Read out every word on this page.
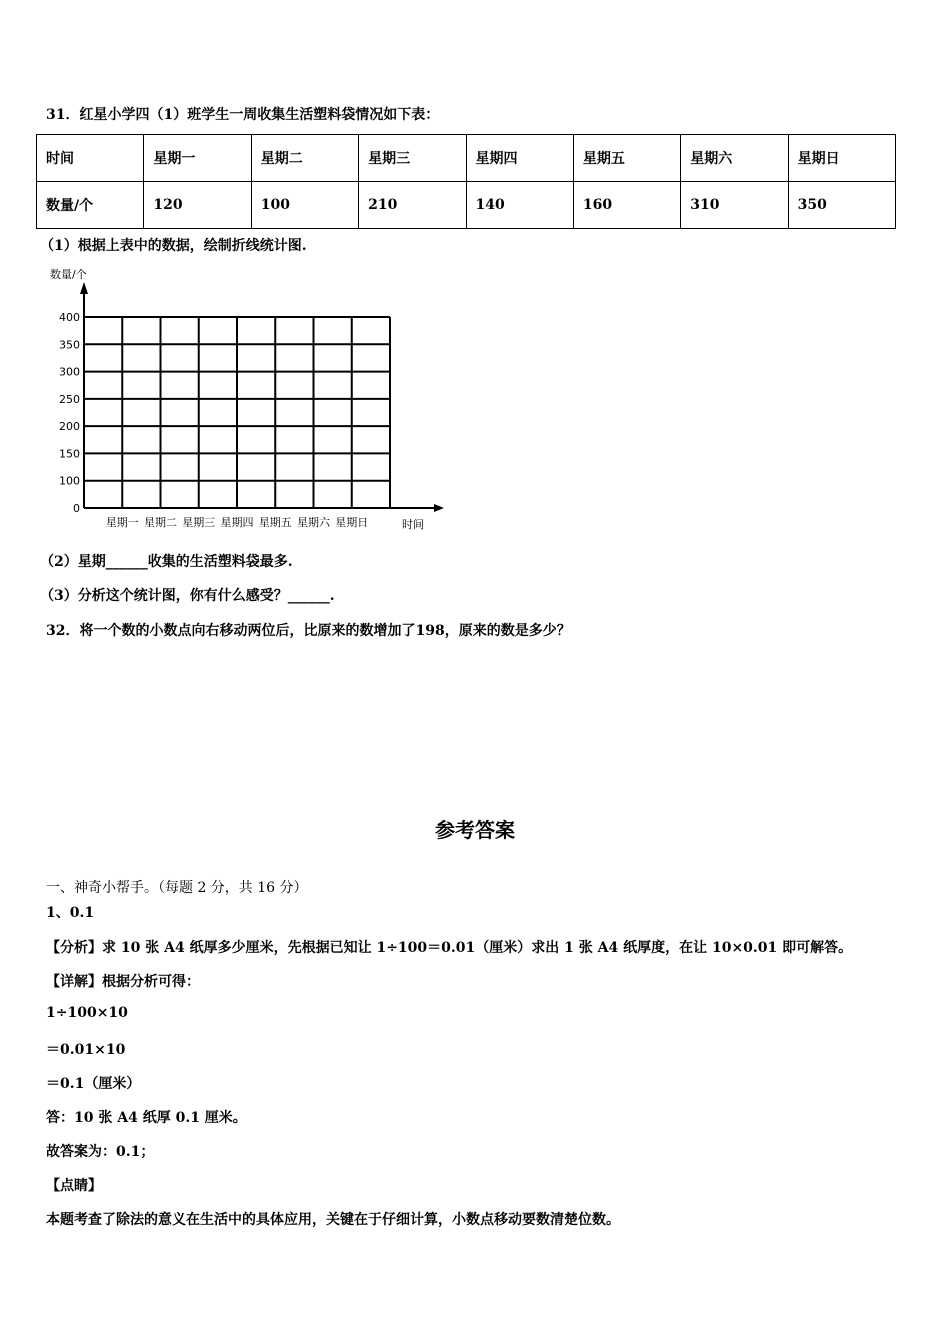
31．红星小学四（1）班学生一周收集生活塑料袋情况如下表：
时间	星期一	星期二	星期三	星期四	星期五	星期六	星期日
数量/个	120	100	210	140	160	310	350
（1）根据上表中的数据，绘制折线统计图.
数量/个
时间
0
100
150
200
250
300
350
400
星期一 星期二 星期三 星期四 星期五 星期六 星期日
（2）星期______收集的生活塑料袋最多.
（3）分析这个统计图，你有什么感受？______.
32．将一个数的小数点向右移动两位后，比原来的数增加了198，原来的数是多少？
参考答案
一、神奇小帮手。（每题 2 分，共 16 分）
1、0.1
【分析】求 10 张 A4 纸厚多少厘米，先根据已知让 1÷100＝0.01（厘米）求出 1 张 A4 纸厚度，在让 10×0.01 即可解答。
【详解】根据分析可得：
1÷100×10
＝0.01×10
＝0.1（厘米）
答：10 张 A4 纸厚 0.1 厘米。
故答案为：0.1；
【点睛】
本题考查了除法的意义在生活中的具体应用，关键在于仔细计算，小数点移动要数清楚位数。
